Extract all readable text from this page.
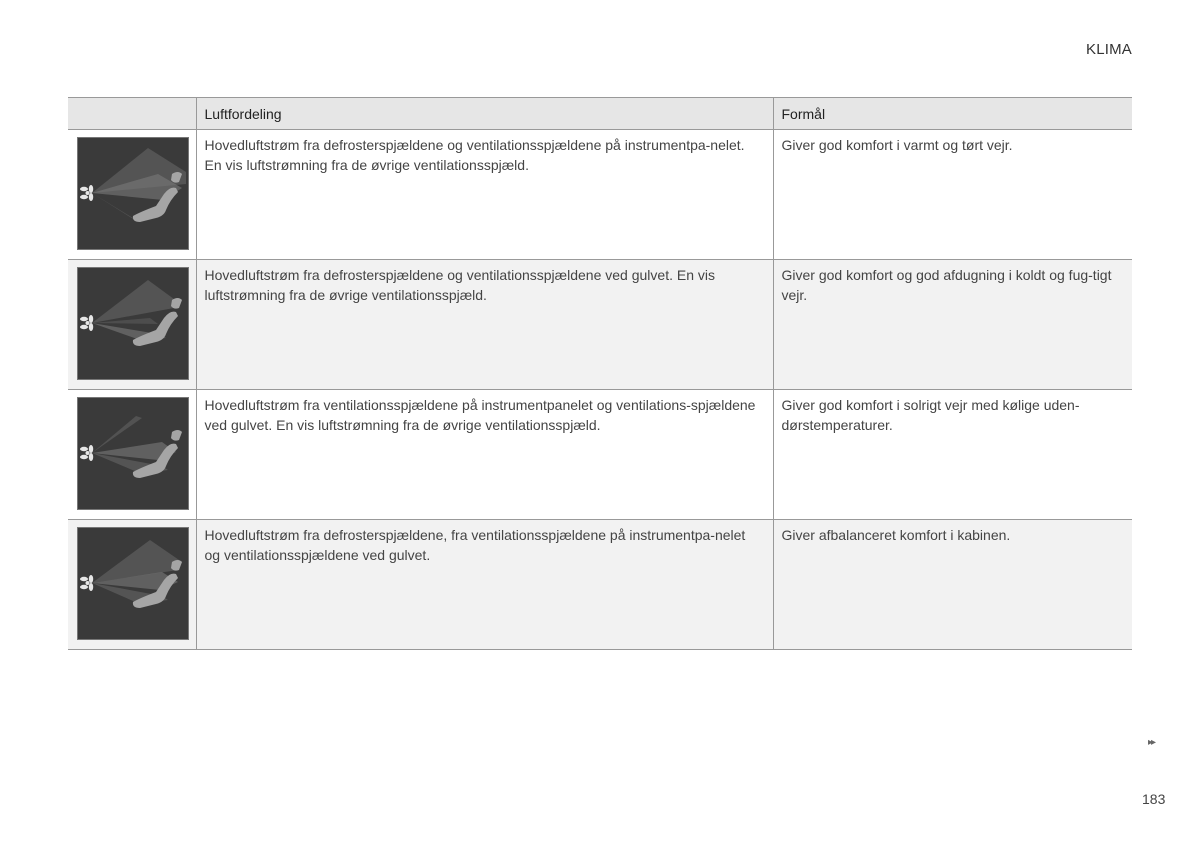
KLIMA
	Luftfordeling	Formål

Hovedluftstrøm fra defrosterspjældene og ventilationsspjældene på instrumentpa-nelet. En vis luftstrømning fra de øvrige ventilationsspjæld.	Giver god komfort i varmt og tørt vejr.

Hovedluftstrøm fra defrosterspjældene og ventilationsspjældene ved gulvet. En vis luftstrømning fra de øvrige ventilationsspjæld.	Giver god komfort og god afdugning i koldt og fug-tigt vejr.

Hovedluftstrøm fra ventilationsspjældene på instrumentpanelet og ventilations-spjældene ved gulvet. En vis luftstrømning fra de øvrige ventilationsspjæld.	Giver god komfort i solrigt vejr med kølige uden-dørstemperaturer.

Hovedluftstrøm fra defrosterspjældene, fra ventilationsspjældene på instrumentpa-nelet og ventilationsspjældene ved gulvet.	Giver afbalanceret komfort i kabinen.
▸▸
183
